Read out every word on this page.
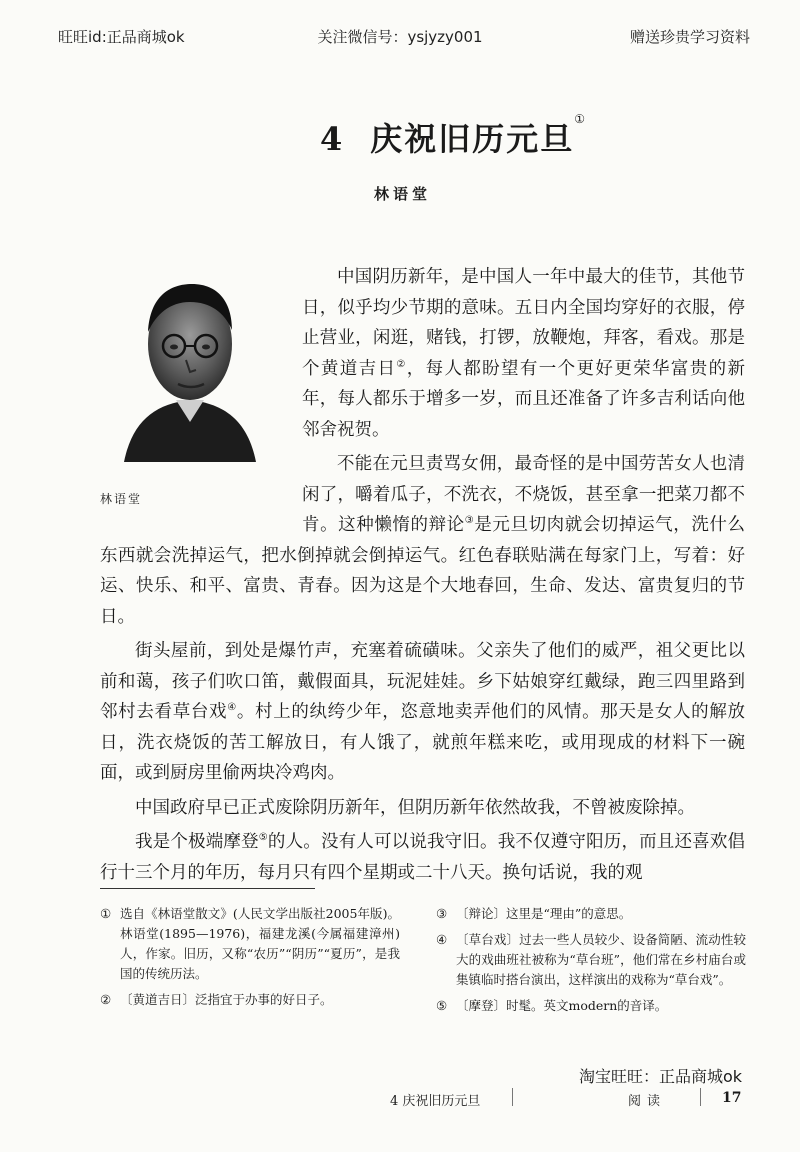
旺旺id:正品商城ok	关注微信号：ysjyzy001	赠送珍贵学习资料
4 庆祝旧历元旦①
林语堂
林语堂

中国阴历新年，是中国人一年中最大的佳节，其他节日，似乎均少节期的意味。五日内全国均穿好的衣服，停止营业，闲逛，赌钱，打锣，放鞭炮，拜客，看戏。那是个黄道吉日②，每人都盼望有一个更好更荣华富贵的新年，每人都乐于增多一岁，而且还准备了许多吉利话向他邻舍祝贺。

不能在元旦责骂女佣，最奇怪的是中国劳苦女人也清闲了，嚼着瓜子，不洗衣，不烧饭，甚至拿一把菜刀都不肯。这种懒惰的辩论③是元旦切肉就会切掉运气，洗什么东西就会洗掉运气，把水倒掉就会倒掉运气。红色春联贴满在每家门上，写着：好运、快乐、和平、富贵、青春。因为这是个大地春回，生命、发达、富贵复归的节日。

街头屋前，到处是爆竹声，充塞着硫磺味。父亲失了他们的威严，祖父更比以前和蔼，孩子们吹口笛，戴假面具，玩泥娃娃。乡下姑娘穿红戴绿，跑三四里路到邻村去看草台戏④。村上的纨绔少年，恣意地卖弄他们的风情。那天是女人的解放日，洗衣烧饭的苦工解放日，有人饿了，就煎年糕来吃，或用现成的材料下一碗面，或到厨房里偷两块冷鸡肉。

中国政府早已正式废除阴历新年，但阴历新年依然故我，不曾被废除掉。

我是个极端摩登⑤的人。没有人可以说我守旧。我不仅遵守阳历，而且还喜欢倡行十三个月的年历，每月只有四个星期或二十八天。换句话说，我的观

① 选自《林语堂散文》(人民文学出版社2005年版)。林语堂(1895—1976)，福建龙溪(今属福建漳州)人，作家。旧历，又称“农历”“阴历”“夏历”，是我国的传统历法。
② 〔黄道吉日〕泛指宜于办事的好日子。
③ 〔辩论〕这里是“理由”的意思。
④ 〔草台戏〕过去一些人员较少、设备简陋、流动性较大的戏曲班社被称为“草台班”，他们常在乡村庙台或集镇临时搭台演出，这样演出的戏称为“草台戏”。
⑤ 〔摩登〕时髦。英文modern的音译。
淘宝旺旺：正品商城ok
4 庆祝旧历元旦	阅读	17
